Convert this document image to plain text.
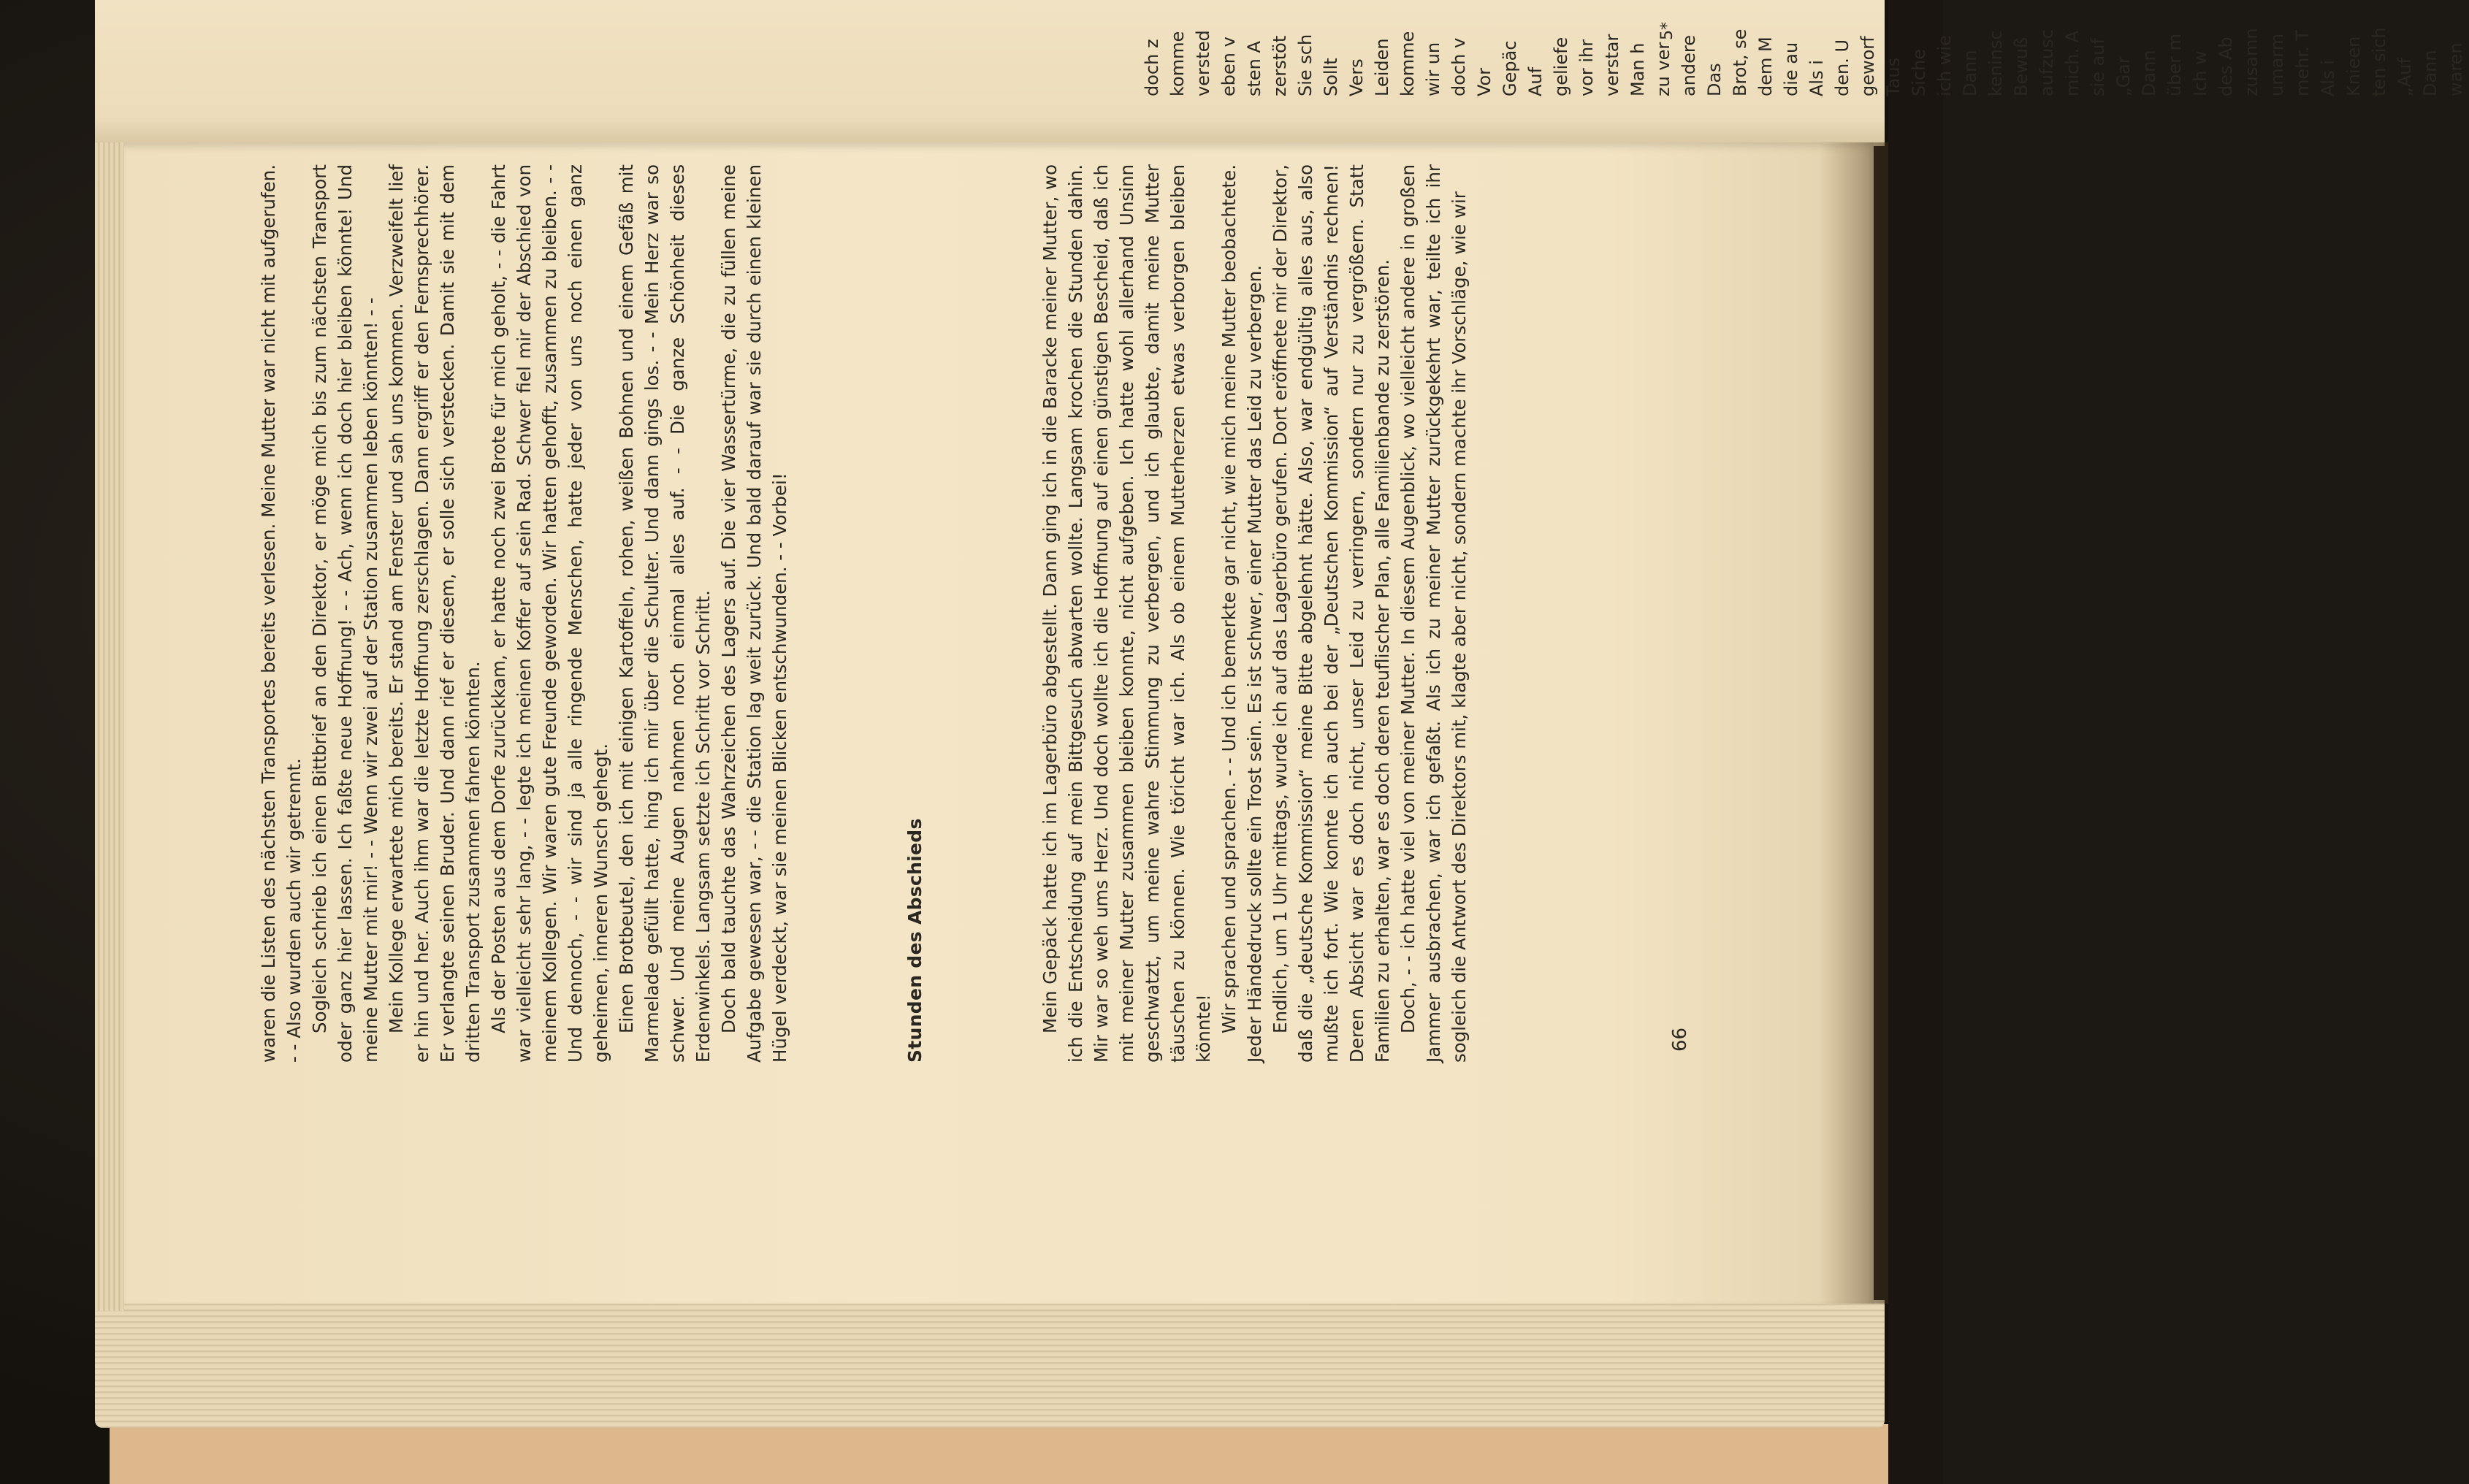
doch z komme versted eben v sten A zerstöt Sie sch Sollt Vers Leiden komme wir un doch v Vor Gepäc Auf geliefe vor ihr verstar Man h zu ver andere Das Brot, se dem M die au Als i den. U geworf Taus Siche ich wie Dann keninsc Bewuß aufzusc mich. A sie auf „Gar Dann über m Ich w des Ab zusamn umarm mehr. T Als i Knieen ten sich „Auf Dann waren

5*

waren die Listen des nächsten Transportes bereits verlesen. Meine Mutter war nicht mit aufgerufen. - - Also wurden auch wir getrennt. Sogleich schrieb ich einen Bittbrief an den Direktor, er möge mich bis zum nächsten Transport oder ganz hier lassen. Ich faßte neue Hoffnung! - - Ach, wenn ich doch hier bleiben könnte! Und meine Mutter mit mir! - - Wenn wir zwei auf der Station zusammen leben könnten! - - Mein Kollege erwartete mich bereits. Er stand am Fenster und sah uns kommen. Verzweifelt lief er hin und her. Auch ihm war die letzte Hoffnung zerschlagen. Dann ergriff er den Fernsprechhörer. Er verlangte seinen Bruder. Und dann rief er diesem, er solle sich verstecken. Damit sie mit dem dritten Transport zusammen fahren könnten. Als der Posten aus dem Dorfe zurückkam, er hatte noch zwei Brote für mich geholt, - - die Fahrt war vielleicht sehr lang, - - legte ich meinen Koffer auf sein Rad. Schwer fiel mir der Abschied von meinem Kollegen. Wir waren gute Freunde geworden. Wir hatten gehofft, zusammen zu bleiben. - - Und dennoch, - - wir sind ja alle ringende Menschen, hatte jeder von uns noch einen ganz geheimen, inneren Wunsch gehegt. Einen Brotbeutel, den ich mit einigen Kartoffeln, rohen, weißen Bohnen und einem Gefäß mit Marmelade gefüllt hatte, hing ich mir über die Schulter. Und dann gings los. - - Mein Herz war so schwer. Und meine Augen nahmen noch einmal alles auf. - - Die ganze Schönheit dieses Erdenwinkels. Langsam setzte ich Schritt vor Schritt. Doch bald tauchte das Wahrzeichen des Lagers auf. Die vier Wassertürme, die zu füllen meine Aufgabe gewesen war, - - die Station lag weit zurück. Und bald darauf war sie durch einen kleinen Hügel verdeckt, war sie meinen Blicken entschwunden. - - Vorbei!	Stunden des Abschieds	Mein Gepäck hatte ich im Lagerbüro abgestellt. Dann ging ich in die Baracke meiner Mutter, wo ich die Entscheidung auf mein Bittgesuch abwarten wollte. Langsam krochen die Stunden dahin. Mir war so weh ums Herz. Und doch wollte ich die Hoffnung auf einen günstigen Bescheid, daß ich mit meiner Mutter zusammen bleiben konnte, nicht aufgeben. Ich hatte wohl allerhand Unsinn geschwatzt, um meine wahre Stimmung zu verbergen, und ich glaubte, damit meine Mutter täuschen zu können. Wie töricht war ich. Als ob einem Mutterherzen etwas verborgen bleiben könnte! Wir sprachen und sprachen. - - Und ich bemerkte gar nicht, wie mich meine Mutter beobachtete. Jeder Händedruck sollte ein Trost sein. Es ist schwer, einer Mutter das Leid zu verbergen. Endlich, um 1 Uhr mittags, wurde ich auf das Lagerbüro gerufen. Dort eröffnete mir der Direktor, daß die „deutsche Kommission“ meine Bitte abgelehnt hätte. Also, war endgültig alles aus, also mußte ich fort. Wie konnte ich auch bei der „Deutschen Kommission“ auf Verständnis rechnen! Deren Absicht war es doch nicht, unser Leid zu verringern, sondern nur zu vergrößern. Statt Familien zu erhalten, war es doch deren teuflischer Plan, alle Familienbande zu zerstören. Doch, - - ich hatte viel von meiner Mutter. In diesem Augenblick, wo vielleicht andere in großen Jammer ausbrachen, war ich gefaßt. Als ich zu meiner Mutter zurückgekehrt war, teilte ich ihr sogleich die Antwort des Direktors mit, klagte aber nicht, sondern machte ihr Vorschläge, wie wir	66
